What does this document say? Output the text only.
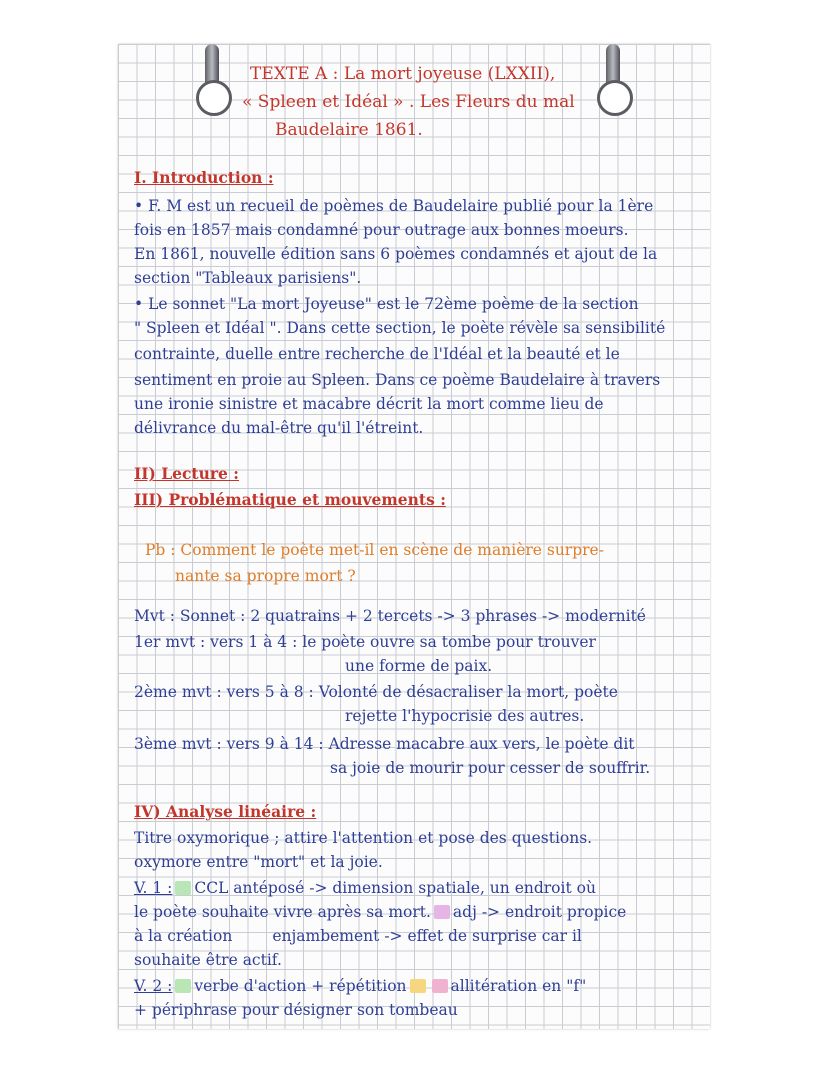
TEXTE A : La mort joyeuse (LXXII),
« Spleen et Idéal » . Les Fleurs du mal
Baudelaire 1861.
I. Introduction :
• F. M est un recueil de poèmes de Baudelaire publié pour la 1ère
fois en 1857 mais condamné pour outrage aux bonnes moeurs.
En 1861, nouvelle édition sans 6 poèmes condamnés et ajout de la
section "Tableaux parisiens".
• Le sonnet "La mort Joyeuse" est le 72ème poème de la section
" Spleen et Idéal ". Dans cette section, le poète révèle sa sensibilité
contrainte, duelle entre recherche de l'Idéal et la beauté et le
sentiment en proie au Spleen. Dans ce poème Baudelaire à travers
une ironie sinistre et macabre décrit la mort comme lieu de
délivrance du mal-être qu'il l'étreint.
II) Lecture :
III) Problématique et mouvements :
Pb : Comment le poète met-il en scène de manière surpre-
nante sa propre mort ?
Mvt : Sonnet : 2 quatrains + 2 tercets -> 3 phrases -> modernité
1er mvt : vers 1 à 4 : le poète ouvre sa tombe pour trouver
une forme de paix.
2ème mvt : vers 5 à 8 : Volonté de désacraliser la mort, poète
rejette l'hypocrisie des autres.
3ème mvt : vers 9 à 14 : Adresse macabre aux vers, le poète dit
sa joie de mourir pour cesser de souffrir.
IV) Analyse linéaire :
Titre oxymorique ; attire l'attention et pose des questions.
oxymore entre "mort" et la joie.
V. 1 : CCL antéposé -> dimension spatiale, un endroit où
le poète souhaite vivre après sa mort. adj -> endroit propice
à la création	enjambement -> effet de surprise car il
souhaite être actif.
V. 2 : verbe d'action + répétition	allitération en "f"
+ périphrase pour désigner son tombeau
